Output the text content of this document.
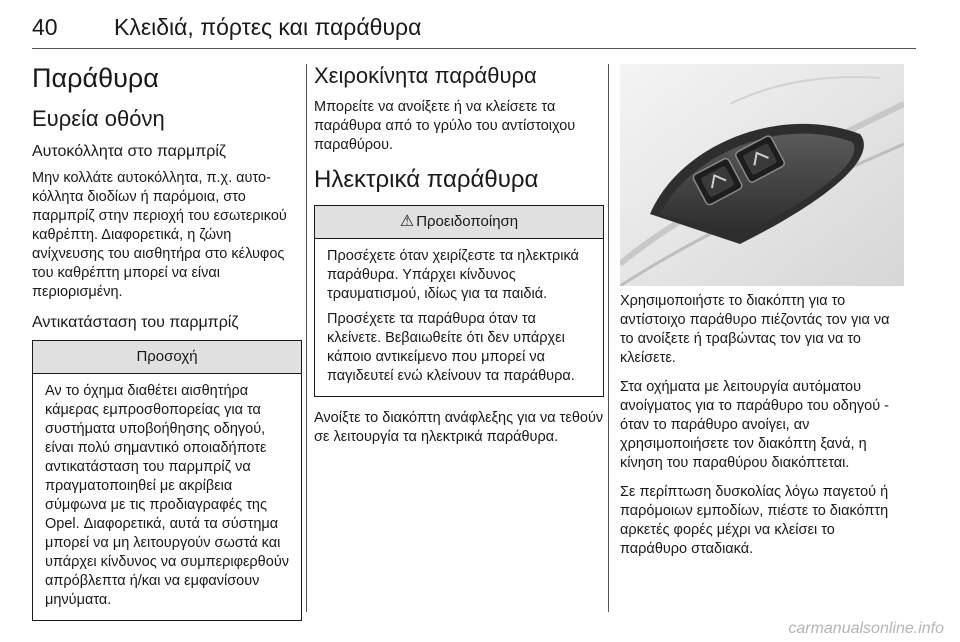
40 Κλειδιά, πόρτες και παράθυρα
Παράθυρα
Ευρεία οθόνη
Αυτοκόλλητα στο παρμπρίζ

Μην κολλάτε αυτοκόλλητα, π.χ. αυτοκόλλητα διοδίων ή παρόμοια, στο παρμπρίζ στην περιοχή του εσωτερικού καθρέπτη. Διαφορετικά, η ζώνη ανίχνευσης του αισθητήρα στο κέλυφος του καθρέπτη μπορεί να είναι περιορισμένη.

Αντικατάσταση του παρμπρίζ
Προσοχή

Αν το όχημα διαθέτει αισθητήρα κάμερας εμπροσθοπορείας για τα συστήματα υποβοήθησης οδηγού, είναι πολύ σημαντικό οποιαδήποτε αντικατάσταση του παρμπρίζ να πραγματοποιηθεί με ακρίβεια σύμφωνα με τις προδιαγραφές της Opel. Διαφορετικά, αυτά τα σύστημα μπορεί να μη λειτουργούν σωστά και υπάρχει κίνδυνος να συμπεριφερθούν απρόβλεπτα ή/και να εμφανίσουν μηνύματα.

Χειροκίνητα παράθυρα

Μπορείτε να ανοίξετε ή να κλείσετε τα παράθυρα από το γρύλο του αντίστοιχου παραθύρου.

Ηλεκτρικά παράθυρα
⚠ Προειδοποίηση

Προσέχετε όταν χειρίζεστε τα ηλεκτρικά παράθυρα. Υπάρχει κίνδυνος τραυματισμού, ιδίως για τα παιδιά.

Προσέχετε τα παράθυρα όταν τα κλείνετε. Βεβαιωθείτε ότι δεν υπάρχει κάποιο αντικείμενο που μπορεί να παγιδευτεί ενώ κλείνουν τα παράθυρα.

Ανοίξτε το διακόπτη ανάφλεξης για να τεθούν σε λειτουργία τα ηλεκτρικά παράθυρα.

Χρησιμοποιήστε το διακόπτη για το αντίστοιχο παράθυρο πιέζοντάς τον για να το ανοίξετε ή τραβώντας τον για να το κλείσετε.

Στα οχήματα με λειτουργία αυτόματου ανοίγματος για το παράθυρο του οδηγού - όταν το παράθυρο ανοίγει, αν χρησιμοποιήσετε τον διακόπτη ξανά, η κίνηση του παραθύρου διακόπτεται.

Σε περίπτωση δυσκολίας λόγω παγετού ή παρόμοιων εμποδίων, πιέστε το διακόπτη αρκετές φορές μέχρι να κλείσει το παράθυρο σταδιακά.

carmanualsonline.info
